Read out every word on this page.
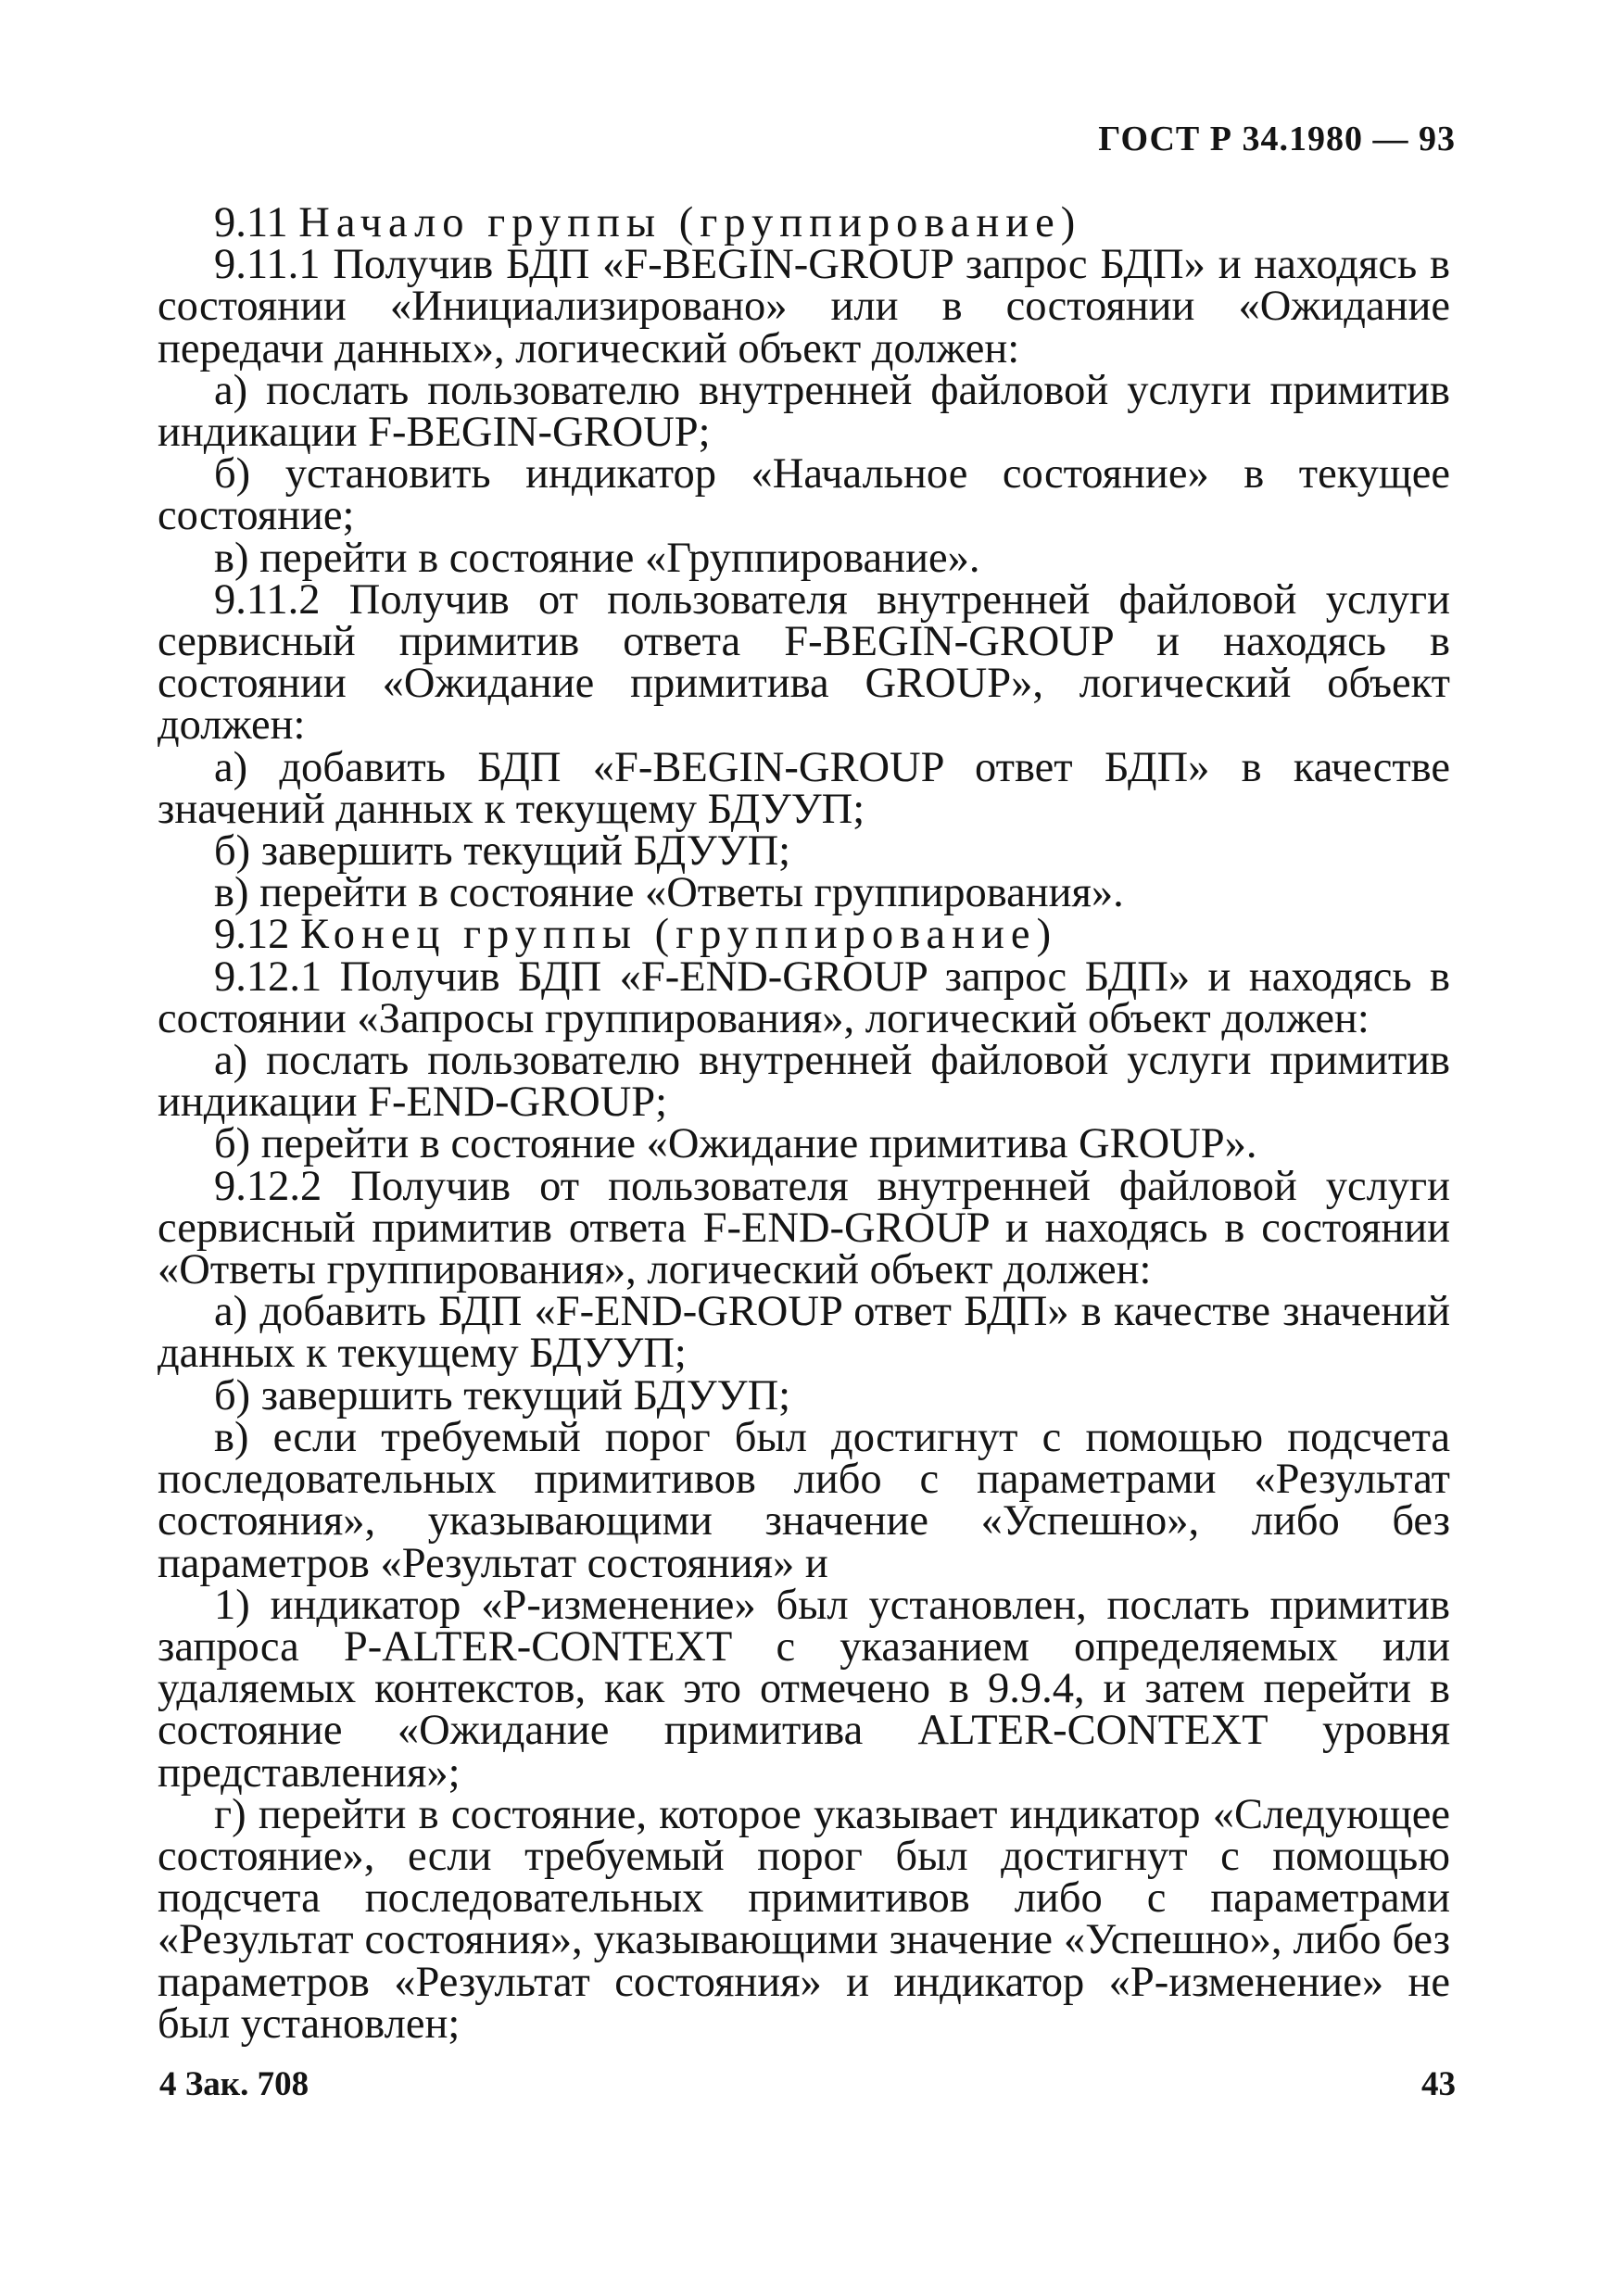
ГОСТ Р 34.1980 — 93

9.11 Начало группы (группирование)

9.11.1 Получив БДП «F-BEGIN-GROUP запрос БДП» и находясь в состоянии «Инициализировано» или в состоянии «Ожидание передачи данных», логический объект должен:

а) послать пользователю внутренней файловой услуги примитив индикации F-BEGIN-GROUP;

б) установить индикатор «Начальное состояние» в текущее состояние;

в) перейти в состояние «Группирование».

9.11.2 Получив от пользователя внутренней файловой услуги сервисный примитив ответа F-BEGIN-GROUP и находясь в состоянии «Ожидание примитива GROUP», логический объект должен:

а) добавить БДП «F-BEGIN-GROUP ответ БДП» в качестве значений данных к текущему БДУУП;

б) завершить текущий БДУУП;

в) перейти в состояние «Ответы группирования».

9.12 Конец группы (группирование)

9.12.1 Получив БДП «F-END-GROUP запрос БДП» и находясь в состоянии «Запросы группирования», логический объект должен:

а) послать пользователю внутренней файловой услуги примитив индикации F-END-GROUP;

б) перейти в состояние «Ожидание примитива GROUP».

9.12.2 Получив от пользователя внутренней файловой услуги сервисный примитив ответа F-END-GROUP и находясь в состоянии «Ответы группирования», логический объект должен:

а) добавить БДП «F-END-GROUP ответ БДП» в качестве значений данных к текущему БДУУП;

б) завершить текущий БДУУП;

в) если требуемый порог был достигнут с помощью подсчета последовательных примитивов либо с параметрами «Результат состояния», указывающими значение «Успешно», либо без параметров «Результат состояния» и

1) индикатор «Р-изменение» был установлен, послать примитив запроса P-ALTER-CONTEXT с указанием определяемых или удаляемых контекстов, как это отмечено в 9.9.4, и затем перейти в состояние «Ожидание примитива ALTER-CONTEXT уровня представления»;

г) перейти в состояние, которое указывает индикатор «Следующее состояние», если требуемый порог был достигнут с помощью подсчета последовательных примитивов либо с параметрами «Результат состояния», указывающими значение «Успешно», либо без параметров «Результат состояния» и индикатор «Р-изменение» не был установлен;

4 Зак. 708	43
